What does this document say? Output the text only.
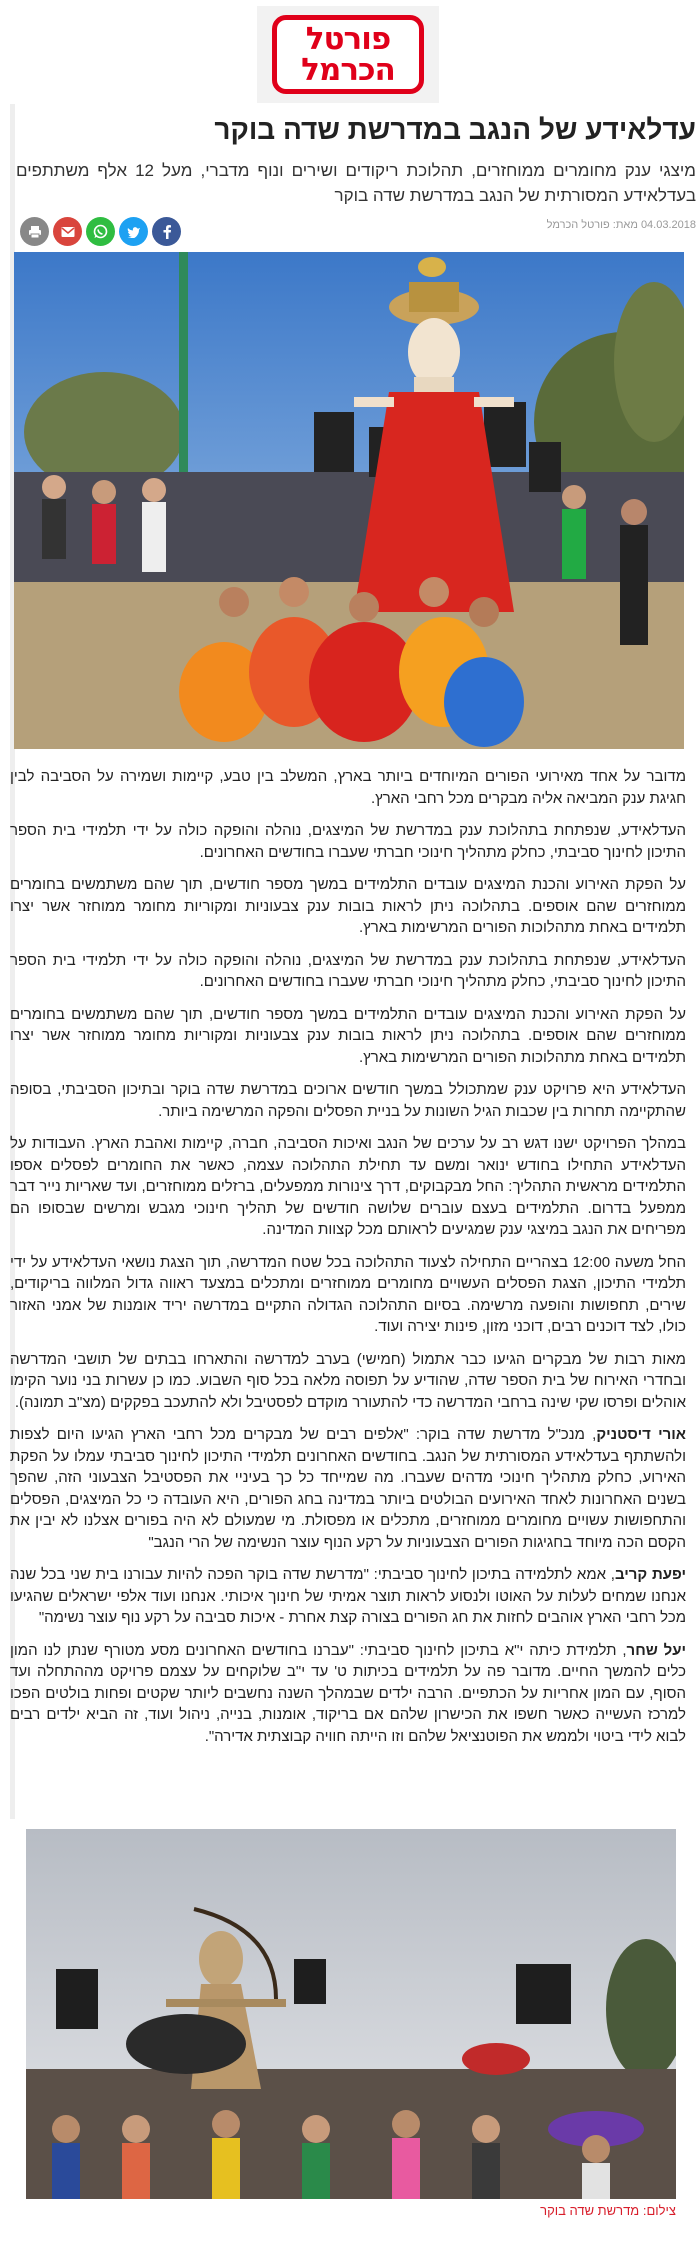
פורטל
הכרמל
עדלאידע של הנגב במדרשת שדה בוקר

מיצגי ענק מחומרים ממוחזרים, תהלוכת ריקודים ושירים ונוף מדברי, מעל 12 אלף משתתפים בעדלאידע המסורתית של הנגב במדרשת שדה בוקר

04.03.2018 מאת: פורטל הכרמל

מדובר על אחד מאירועי הפורים המיוחדים ביותר בארץ, המשלב בין טבע, קיימות ושמירה על הסביבה לבין חגיגת ענק המביאה אליה מבקרים מכל רחבי הארץ.

העדלאידע, שנפתחת בתהלוכת ענק במדרשת של המיצגים, נוהלה והופקה כולה על ידי תלמידי בית הספר התיכון לחינוך סביבתי, כחלק מתהליך חינוכי חברתי שעברו בחודשים האחרונים.

על הפקת האירוע והכנת המיצגים עובדים התלמידים במשך מספר חודשים, תוך שהם משתמשים בחומרים ממוחזרים שהם אוספים. בתהלוכה ניתן לראות בובות ענק צבעוניות ומקוריות מחומר ממוחזר אשר יצרו תלמידים באחת מתהלוכות הפורים המרשימות בארץ.

העדלאידע, שנפתחת בתהלוכת ענק במדרשת של המיצגים, נוהלה והופקה כולה על ידי תלמידי בית הספר התיכון לחינוך סביבתי, כחלק מתהליך חינוכי חברתי שעברו בחודשים האחרונים.

על הפקת האירוע והכנת המיצגים עובדים התלמידים במשך מספר חודשים, תוך שהם משתמשים בחומרים ממוחזרים שהם אוספים. בתהלוכה ניתן לראות בובות ענק צבעוניות ומקוריות מחומר ממוחזר אשר יצרו תלמידים באחת מתהלוכות הפורים המרשימות בארץ.

העדלאידע היא פרויקט ענק שמתכולל במשך חודשים ארוכים במדרשת שדה בוקר ובתיכון הסביבתי, בסופה שהתקיימה תחרות בין שכבות הגיל השונות על בניית הפסלים והפקה המרשימה ביותר.

במהלך הפרויקט ישנו דגש רב על ערכים של הנגב ואיכות הסביבה, חברה, קיימות ואהבת הארץ. העבודות על העדלאידע התחילו בחודש ינואר ומשם עד תחילת התהלוכה עצמה, כאשר את החומרים לפסלים אספו התלמידים מראשית התהליך: החל מבקבוקים, דרך צינורות ממפעלים, ברזלים ממוחזרים, ועד שאריות נייר דבר ממפעל בדרום. התלמידים בעצם עוברים שלושה חודשים של תהליך חינוכי מגבש ומרשים שבסופו הם מפריחים את הנגב במיצגי ענק שמגיעים לראותם מכל קצוות המדינה.

החל משעה 12:00 בצהריים התחילה לצעוד התהלוכה בכל שטח המדרשה, תוך הצגת נושאי העדלאידע על ידי תלמידי התיכון, הצגת הפסלים העשויים מחומרים ממוחזרים ומתכלים במצעד ראווה גדול המלווה בריקודים, שירים, תחפושות והופעה מרשימה. בסיום התהלוכה הגדולה התקיים במדרשה יריד אומנות של אמני האזור כולו, לצד דוכנים רבים, דוכני מזון, פינות יצירה ועוד.

מאות רבות של מבקרים הגיעו כבר אתמול (חמישי) בערב למדרשה והתארחו בבתים של תושבי המדרשה ובחדרי האירוח של בית הספר שדה, שהודיע על תפוסה מלאה בכל סוף השבוע. כמו כן עשרות בני נוער הקימו אוהלים ופרסו שקי שינה ברחבי המדרשה כדי להתעורר מוקדם לפסטיבל ולא להתעכב בפקקים (מצ"ב תמונה).

אורי דיסטניק, מנכ"ל מדרשת שדה בוקר: "אלפים רבים של מבקרים מכל רחבי הארץ הגיעו היום לצפות ולהשתתף בעדלאידע המסורתית של הנגב. בחודשים האחרונים תלמידי התיכון לחינוך סביבתי עמלו על הפקת האירוע, כחלק מתהליך חינוכי מדהים שעברו. מה שמייחד כל כך בעיניי את הפסטיבל הצבעוני הזה, שהפך בשנים האחרונות לאחד האירועים הבולטים ביותר במדינה בחג הפורים, היא העובדה כי כל המיצגים, הפסלים והתחפושות עשויים מחומרים ממוחזרים, מתכלים או מפסולת. מי שמעולם לא היה בפורים אצלנו לא יבין את הקסם הכה מיוחד בחגיגות הפורים הצבעוניות על רקע הנוף עוצר הנשימה של הרי הנגב"

יפעת קריב, אמא לתלמידה בתיכון לחינוך סביבתי: "מדרשת שדה בוקר הפכה להיות עבורנו בית שני בכל שנה אנחנו שמחים לעלות על האוטו ולנסוע לראות תוצר אמיתי של חינוך איכותי. אנחנו ועוד אלפי ישראלים שהגיעו מכל רחבי הארץ אוהבים לחזות את חג הפורים בצורה קצת אחרת - איכות סביבה על רקע נוף עוצר נשימה"

יעל שחר, תלמידת כיתה י"א בתיכון לחינוך סביבתי: "עברנו בחודשים האחרונים מסע מטורף שנתן לנו המון כלים להמשך החיים. מדובר פה על תלמידים בכיתות ט' עד י"ב שלוקחים על עצמם פרויקט מההתחלה ועד הסוף, עם המון אחריות על הכתפיים. הרבה ילדים שבמהלך השנה נחשבים ליותר שקטים ופחות בולטים הפכו למרכז העשייה כאשר חשפו את הכישרון שלהם אם בריקוד, אומנות, בנייה, ניהול ועוד, זה הביא ילדים רבים לבוא לידי ביטוי ולממש את הפוטנציאל שלהם וזו הייתה חוויה קבוצתית אדירה".

צילום: מדרשת שדה בוקר
